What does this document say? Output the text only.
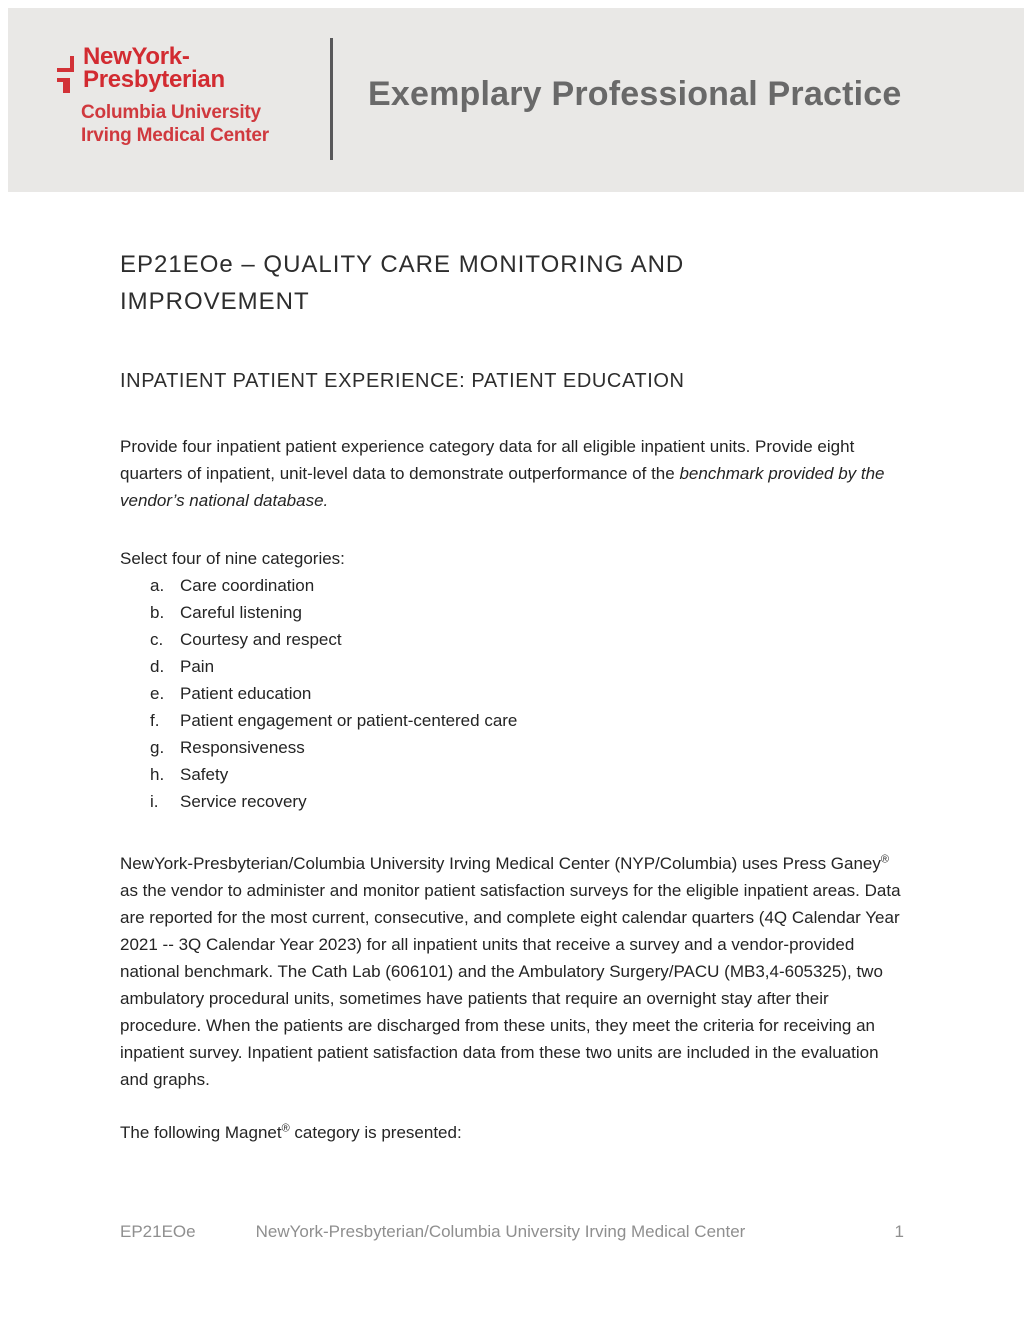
NewYork-
Presbyterian
Columbia University
Irving Medical Center
Exemplary Professional Practice
EP21EOe – QUALITY CARE MONITORING AND IMPROVEMENT
INPATIENT PATIENT EXPERIENCE: PATIENT EDUCATION

Provide four inpatient patient experience category data for all eligible inpatient units. Provide eight quarters of inpatient, unit-level data to demonstrate outperformance of the benchmark provided by the vendor’s national database.

Select four of nine categories:

a. Care coordination
b. Careful listening
c. Courtesy and respect
d. Pain
e. Patient education
f.	Patient engagement or patient-centered care
g. Responsiveness
h. Safety
i.	Service recovery

NewYork-Presbyterian/Columbia University Irving Medical Center (NYP/Columbia) uses Press Ganey® as the vendor to administer and monitor patient satisfaction surveys for the eligible inpatient areas. Data are reported for the most current, consecutive, and complete eight calendar quarters (4Q Calendar Year 2021 -- 3Q Calendar Year 2023) for all inpatient units that receive a survey and a vendor-provided national benchmark. The Cath Lab (606101) and the Ambulatory Surgery/PACU (MB3,4-605325), two ambulatory procedural units, sometimes have patients that require an overnight stay after their procedure. When the patients are discharged from these units, they meet the criteria for receiving an inpatient survey. Inpatient patient satisfaction data from these two units are included in the evaluation and graphs.

The following Magnet® category is presented:

EP21EOe	NewYork-Presbyterian/Columbia University Irving Medical Center	1
